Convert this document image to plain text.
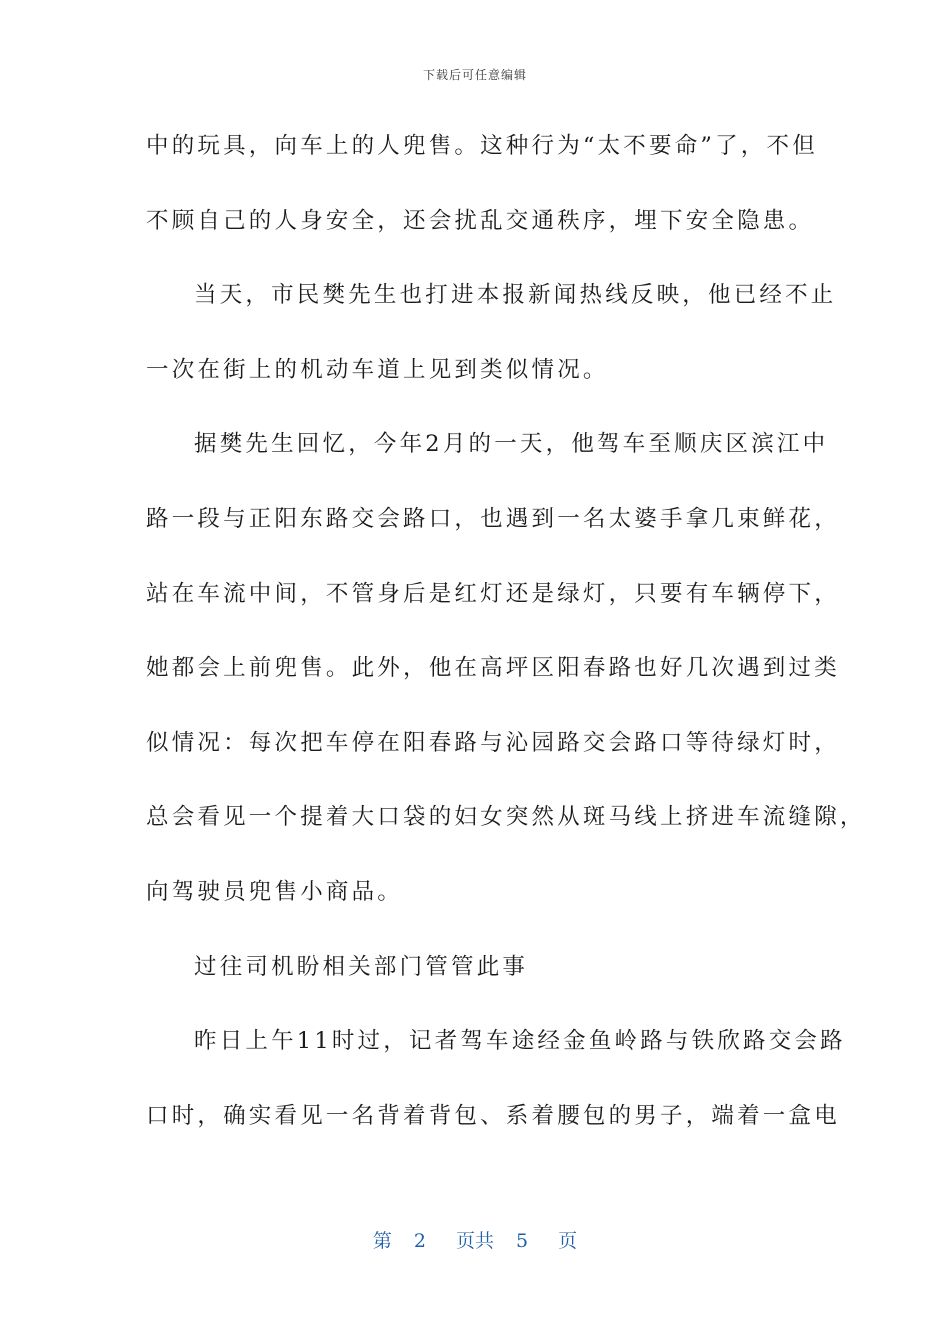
下载后可任意编辑
中的玩具，向车上的人兜售。这种行为“太不要命”了，不但
不顾自己的人身安全，还会扰乱交通秩序，埋下安全隐患。
当天，市民樊先生也打进本报新闻热线反映，他已经不止
一次在街上的机动车道上见到类似情况。
据樊先生回忆，今年2月的一天，他驾车至顺庆区滨江中
路一段与正阳东路交会路口，也遇到一名太婆手拿几束鲜花，
站在车流中间，不管身后是红灯还是绿灯，只要有车辆停下，
她都会上前兜售。此外，他在高坪区阳春路也好几次遇到过类
似情况：每次把车停在阳春路与沁园路交会路口等待绿灯时，
总会看见一个提着大口袋的妇女突然从斑马线上挤进车流缝隙，
向驾驶员兜售小商品。
过往司机盼相关部门管管此事
昨日上午11时过，记者驾车途经金鱼岭路与铁欣路交会路
口时，确实看见一名背着背包、系着腰包的男子，端着一盒电
第 2 页共 5 页
